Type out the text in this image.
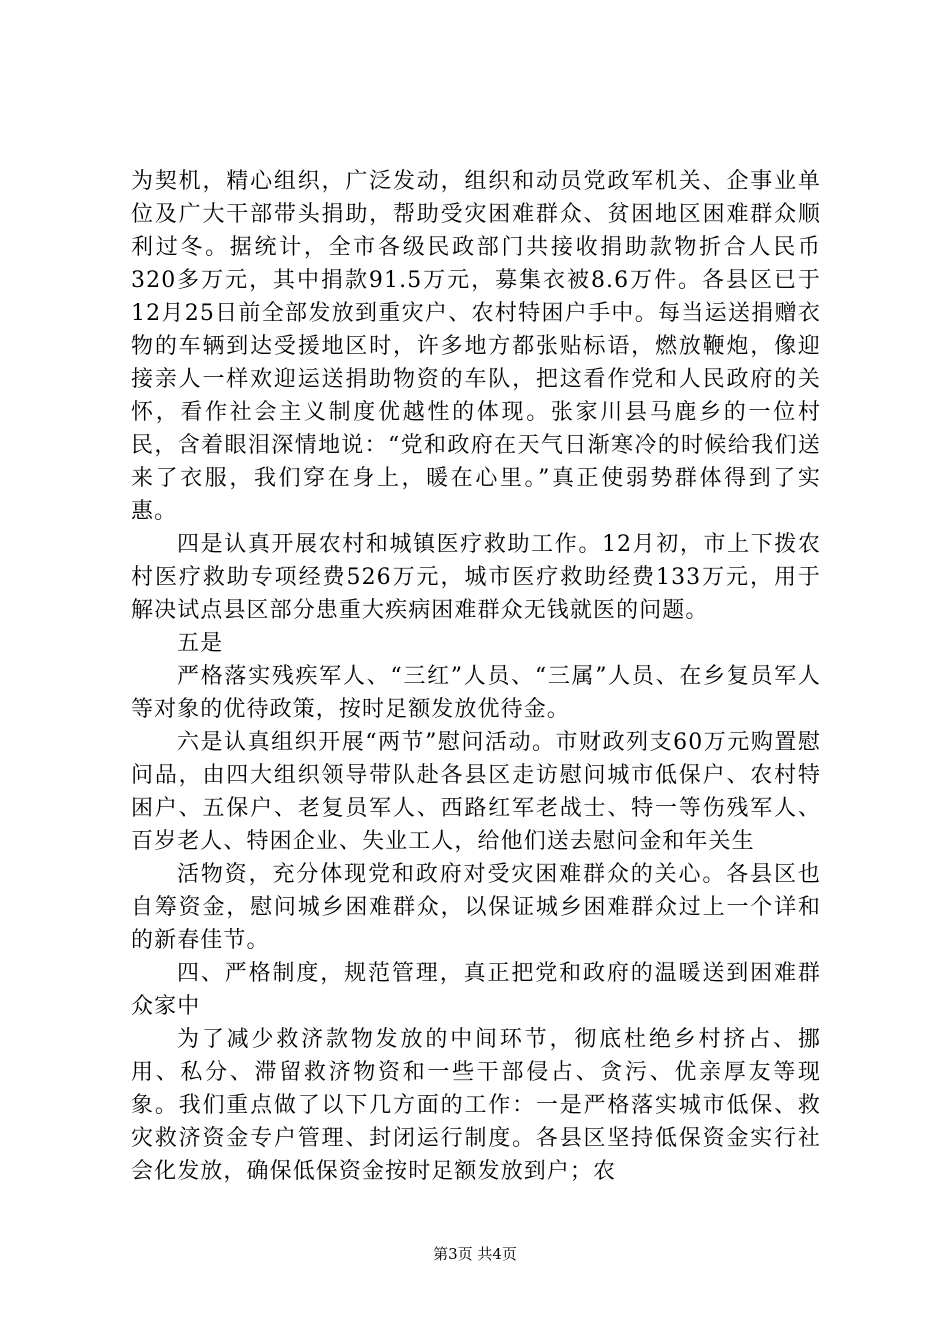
为契机，精心组织，广泛发动，组织和动员党政军机关、企事业单位及广大干部带头捐助，帮助受灾困难群众、贫困地区困难群众顺利过冬。据统计，全市各级民政部门共接收捐助款物折合人民币320多万元，其中捐款91.5万元，募集衣被8.6万件。各县区已于12月25日前全部发放到重灾户、农村特困户手中。每当运送捐赠衣物的车辆到达受援地区时，许多地方都张贴标语，燃放鞭炮，像迎接亲人一样欢迎运送捐助物资的车队，把这看作党和人民政府的关怀，看作社会主义制度优越性的体现。张家川县马鹿乡的一位村民，含着眼泪深情地说：“党和政府在天气日渐寒冷的时候给我们送来了衣服，我们穿在身上，暖在心里。”真正使弱势群体得到了实惠。

四是认真开展农村和城镇医疗救助工作。12月初，市上下拨农村医疗救助专项经费526万元，城市医疗救助经费133万元，用于解决试点县区部分患重大疾病困难群众无钱就医的问题。

五是

严格落实残疾军人、“三红”人员、“三属”人员、在乡复员军人等对象的优待政策，按时足额发放优待金。

六是认真组织开展“两节”慰问活动。市财政列支60万元购置慰问品，由四大组织领导带队赴各县区走访慰问城市低保户、农村特困户、五保户、老复员军人、西路红军老战士、特一等伤残军人、百岁老人、特困企业、失业工人，给他们送去慰问金和年关生

活物资，充分体现党和政府对受灾困难群众的关心。各县区也自筹资金，慰问城乡困难群众，以保证城乡困难群众过上一个详和的新春佳节。

四、严格制度，规范管理，真正把党和政府的温暖送到困难群众家中

为了减少救济款物发放的中间环节，彻底杜绝乡村挤占、挪用、私分、滞留救济物资和一些干部侵占、贪污、优亲厚友等现象。我们重点做了以下几方面的工作：一是严格落实城市低保、救灾救济资金专户管理、封闭运行制度。各县区坚持低保资金实行社会化发放，确保低保资金按时足额发放到户；农

第3页 共4页
